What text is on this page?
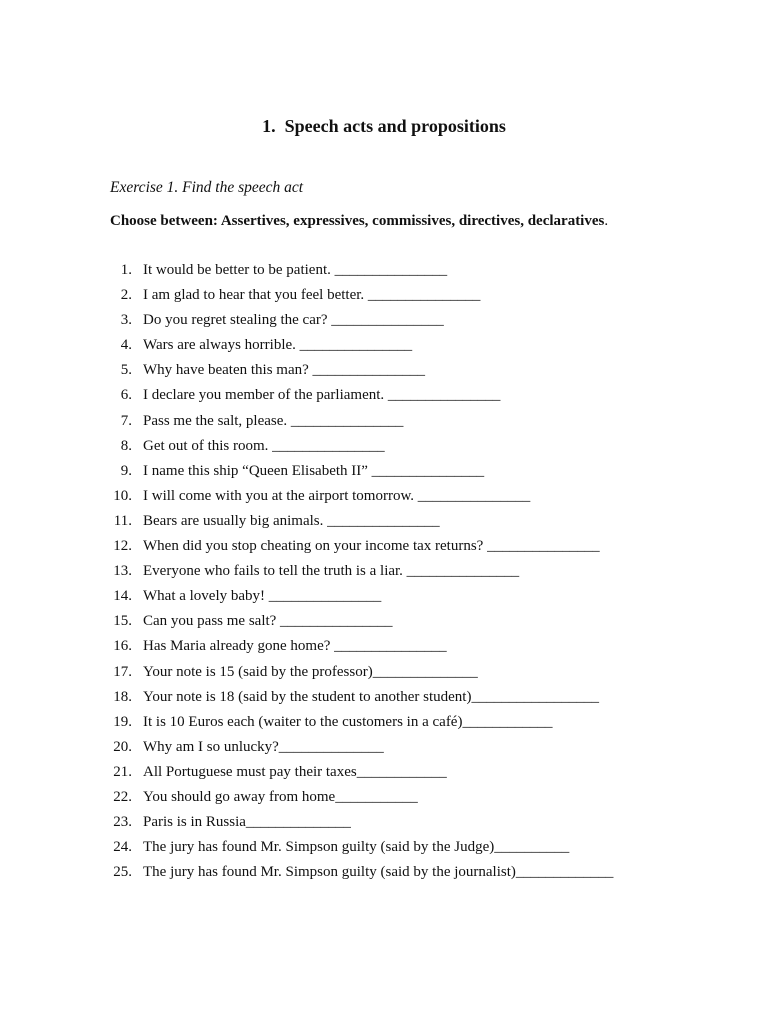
1. Speech acts and propositions
Exercise 1. Find the speech act
Choose between: Assertives, expressives, commissives, directives, declaratives.
1. It would be better to be patient. _______________
2. I am glad to hear that you feel better. _______________
3. Do you regret stealing the car? _______________
4. Wars are always horrible. _______________
5. Why have beaten this man? _______________
6. I declare you member of the parliament. _______________
7. Pass me the salt, please. _______________
8. Get out of this room. _______________
9. I name this ship “Queen Elisabeth II” _______________
10. I will come with you at the airport tomorrow. _______________
11. Bears are usually big animals. _______________
12. When did you stop cheating on your income tax returns? _______________
13. Everyone who fails to tell the truth is a liar. _______________
14. What a lovely baby! _______________
15. Can you pass me salt? _______________
16. Has Maria already gone home? _______________
17. Your note is 15 (said by the professor)______________
18. Your note is 18 (said by the student to another student)_________________
19. It is 10 Euros each (waiter to the customers in a café)____________
20. Why am I so unlucky?______________
21. All Portuguese must pay their taxes____________
22. You should go away from home___________
23. Paris is in Russia______________
24. The jury has found Mr. Simpson guilty (said by the Judge)__________
25. The jury has found Mr. Simpson guilty (said by the journalist)_____________
